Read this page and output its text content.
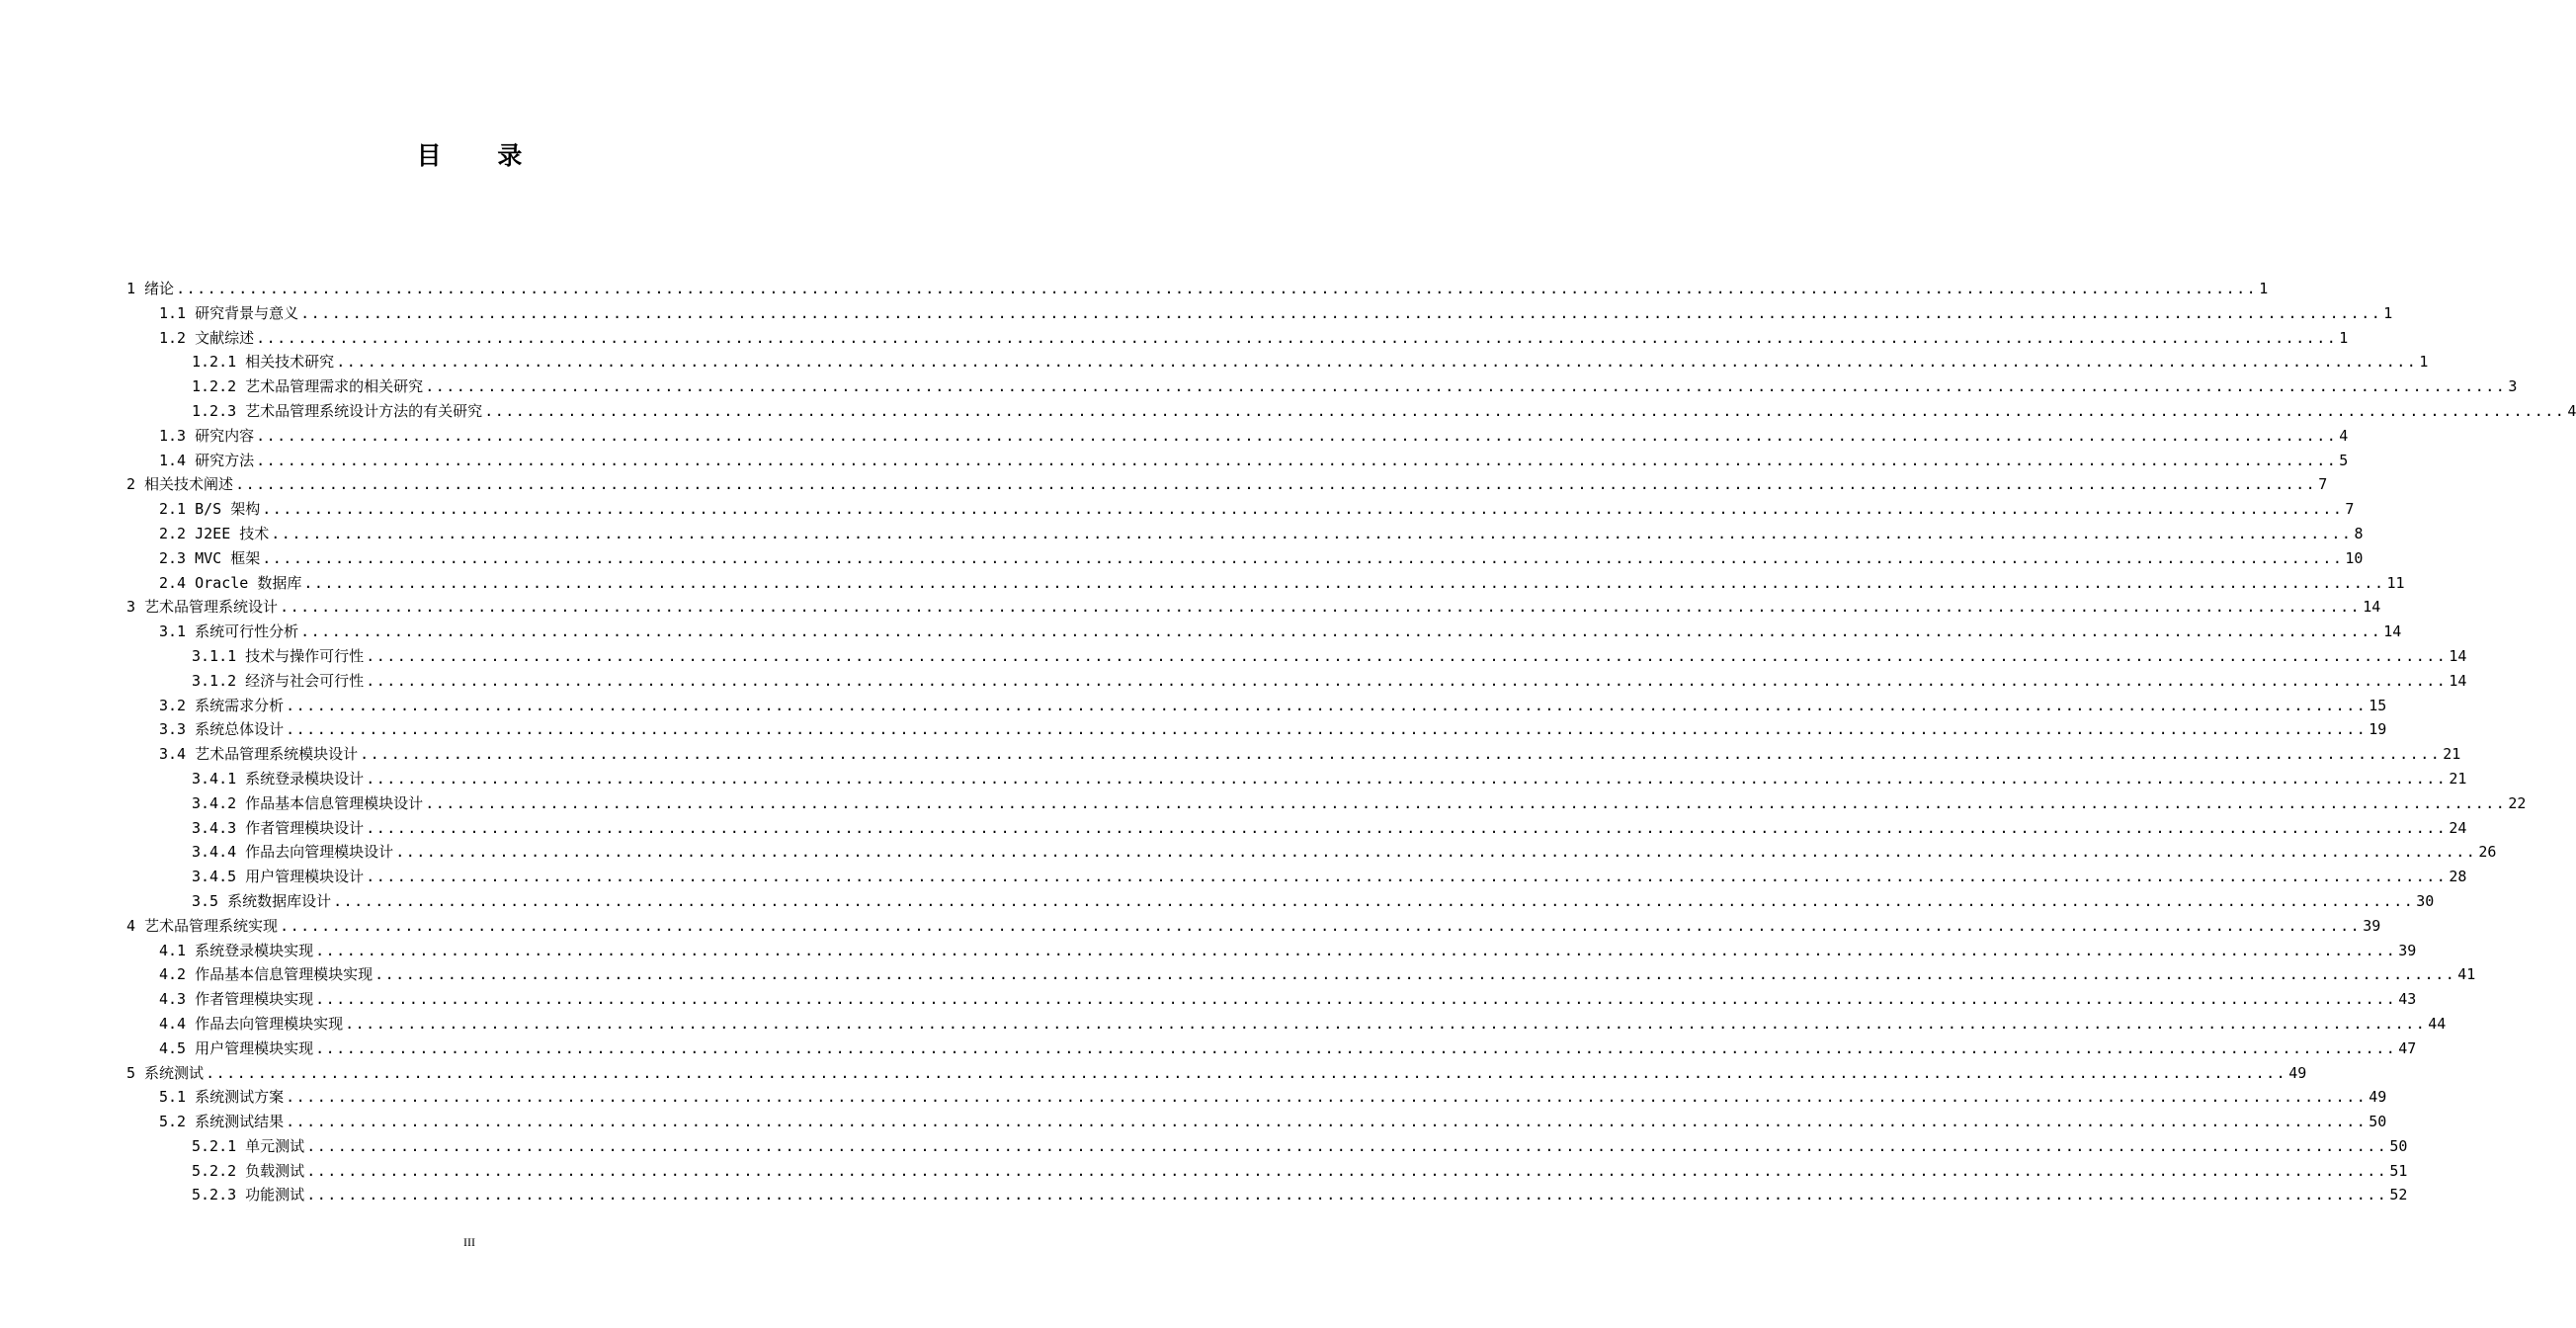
目 录
1 绪论 ........................................................................................................................................................................................................ 1
1.1 研究背景与意义 ........................................................................................................................................................................................................ 1
1.2 文献综述 ........................................................................................................................................................................................................ 1
1.2.1 相关技术研究 ........................................................................................................................................................................................................ 1
1.2.2 艺术品管理需求的相关研究 ........................................................................................................................................................................................................ 3
1.2.3 艺术品管理系统设计方法的有关研究 ........................................................................................................................................................................................................ 4
1.3 研究内容 ........................................................................................................................................................................................................ 4
1.4 研究方法 ........................................................................................................................................................................................................ 5
2 相关技术阐述 ........................................................................................................................................................................................................ 7
2.1 B/S 架构 ........................................................................................................................................................................................................ 7
2.2 J2EE 技术 ........................................................................................................................................................................................................ 8
2.3 MVC 框架 ........................................................................................................................................................................................................ 10
2.4 Oracle 数据库 ........................................................................................................................................................................................................ 11
3 艺术品管理系统设计 ........................................................................................................................................................................................................ 14
3.1 系统可行性分析 ........................................................................................................................................................................................................ 14
3.1.1 技术与操作可行性 ........................................................................................................................................................................................................ 14
3.1.2 经济与社会可行性 ........................................................................................................................................................................................................ 14
3.2 系统需求分析 ........................................................................................................................................................................................................ 15
3.3 系统总体设计 ........................................................................................................................................................................................................ 19
3.4 艺术品管理系统模块设计 ........................................................................................................................................................................................................ 21
3.4.1 系统登录模块设计 ........................................................................................................................................................................................................ 21
3.4.2 作品基本信息管理模块设计 ........................................................................................................................................................................................................ 22
3.4.3 作者管理模块设计 ........................................................................................................................................................................................................ 24
3.4.4 作品去向管理模块设计 ........................................................................................................................................................................................................ 26
3.4.5 用户管理模块设计 ........................................................................................................................................................................................................ 28
3.5 系统数据库设计 ........................................................................................................................................................................................................ 30
4 艺术品管理系统实现 ........................................................................................................................................................................................................ 39
4.1 系统登录模块实现 ........................................................................................................................................................................................................ 39
4.2 作品基本信息管理模块实现 ........................................................................................................................................................................................................ 41
4.3 作者管理模块实现 ........................................................................................................................................................................................................ 43
4.4 作品去向管理模块实现 ........................................................................................................................................................................................................ 44
4.5 用户管理模块实现 ........................................................................................................................................................................................................ 47
5 系统测试 ........................................................................................................................................................................................................ 49
5.1 系统测试方案 ........................................................................................................................................................................................................ 49
5.2 系统测试结果 ........................................................................................................................................................................................................ 50
5.2.1 单元测试 ........................................................................................................................................................................................................ 50
5.2.2 负载测试 ........................................................................................................................................................................................................ 51
5.2.3 功能测试 ........................................................................................................................................................................................................ 52
III
